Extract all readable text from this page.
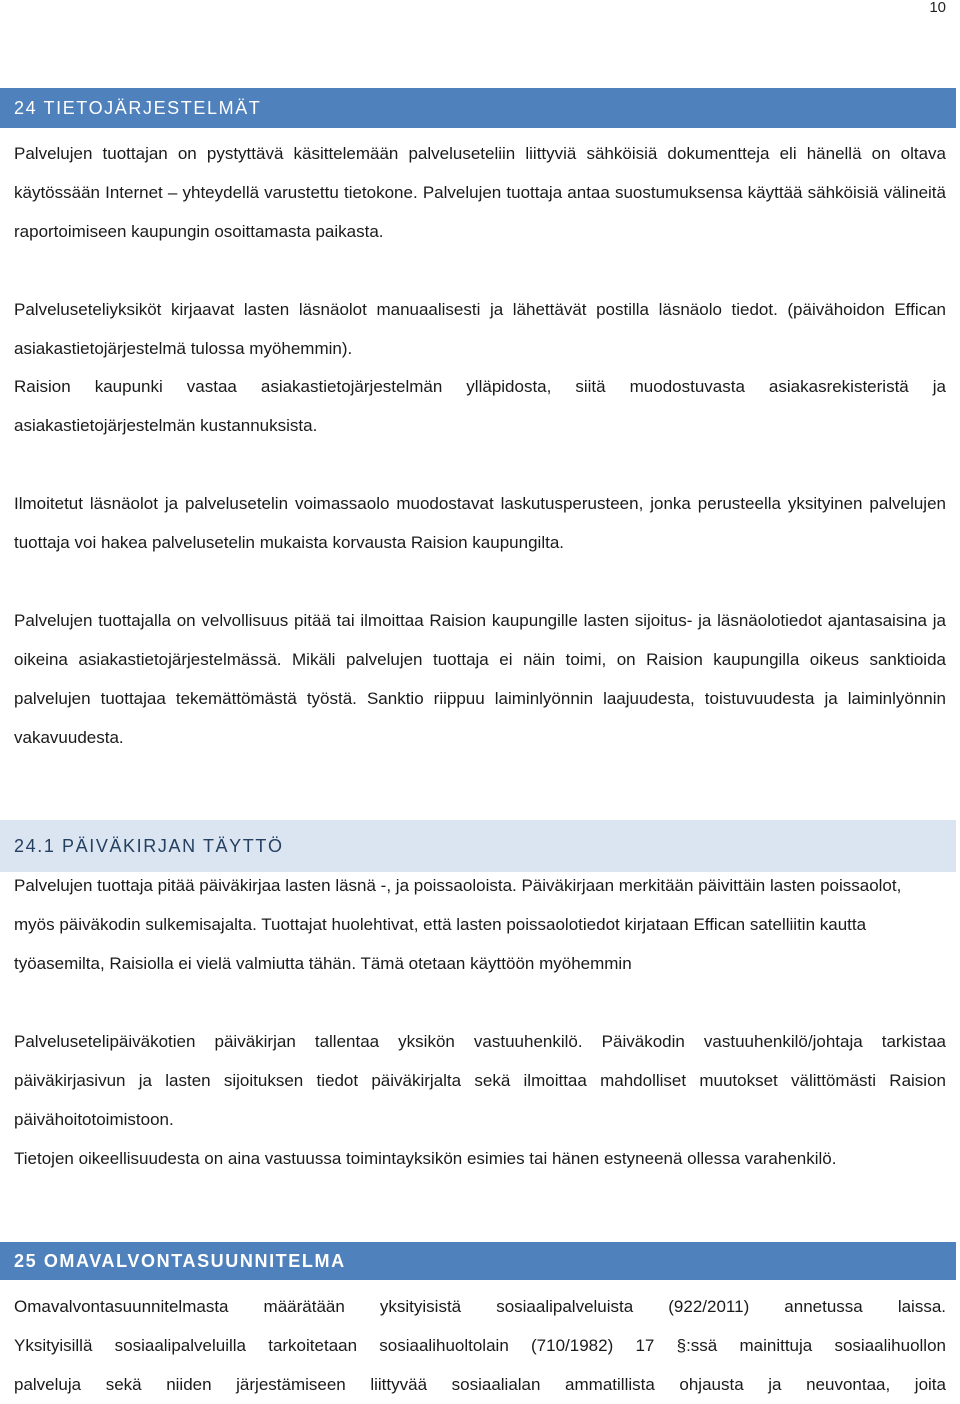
10
24 TIETOJÄRJESTELMÄT

Palvelujen tuottajan on pystyttävä käsittelemään palveluseteliin liittyviä sähköisiä dokumentteja eli hänellä on oltava käytössään Internet – yhteydellä varustettu tietokone. Palvelujen tuottaja antaa suostumuksensa käyttää sähköisiä välineitä raportoimiseen kaupungin osoittamasta paikasta.

Palveluseteliyksiköt kirjaavat lasten läsnäolot manuaalisesti ja lähettävät postilla läsnäolo tiedot. (päivähoidon Effican asiakastietojärjestelmä tulossa myöhemmin).

Raision kaupunki vastaa asiakastietojärjestelmän ylläpidosta, siitä muodostuvasta asiakasrekisteristä ja asiakastietojärjestelmän kustannuksista.

Ilmoitetut läsnäolot ja palvelusetelin voimassaolo muodostavat laskutusperusteen, jonka perusteella yksityinen palvelujen tuottaja voi hakea palvelusetelin mukaista korvausta Raision kaupungilta.

Palvelujen tuottajalla on velvollisuus pitää tai ilmoittaa Raision kaupungille lasten sijoitus- ja läsnäolotiedot ajantasaisina ja oikeina asiakastietojärjestelmässä. Mikäli palvelujen tuottaja ei näin toimi, on Raision kaupungilla oikeus sanktioida palvelujen tuottajaa tekemättömästä työstä. Sanktio riippuu laiminlyönnin laajuudesta, toistuvuudesta ja laiminlyönnin vakavuudesta.

24.1 PÄIVÄKIRJAN TÄYTTÖ

Palvelujen tuottaja pitää päiväkirjaa lasten läsnä -, ja poissaoloista. Päiväkirjaan merkitään päivittäin lasten poissaolot, myös päiväkodin sulkemisajalta. Tuottajat huolehtivat, että lasten poissaolotiedot kirjataan Effican satelliitin kautta työasemilta, Raisiolla ei vielä valmiutta tähän. Tämä otetaan käyttöön myöhemmin

Palvelusetelipäiväkotien päiväkirjan tallentaa yksikön vastuuhenkilö. Päiväkodin vastuuhenkilö/johtaja tarkistaa päiväkirjasivun ja lasten sijoituksen tiedot päiväkirjalta sekä ilmoittaa mahdolliset muutokset välittömästi Raision päivähoitotoimistoon.

Tietojen oikeellisuudesta on aina vastuussa toimintayksikön esimies tai hänen estyneenä ollessa varahenkilö.

25 OMAVALVONTASUUNNITELMA

Omavalvontasuunnitelmasta määrätään yksityisistä sosiaalipalveluista (922/2011) annetussa laissa.

Yksityisillä sosiaalipalveluilla tarkoitetaan sosiaalihuoltolain (710/1982) 17 §:ssä mainittuja sosiaalihuollon

palveluja sekä niiden järjestämiseen liittyvää sosiaalialan ammatillista ohjausta ja neuvontaa, joita
